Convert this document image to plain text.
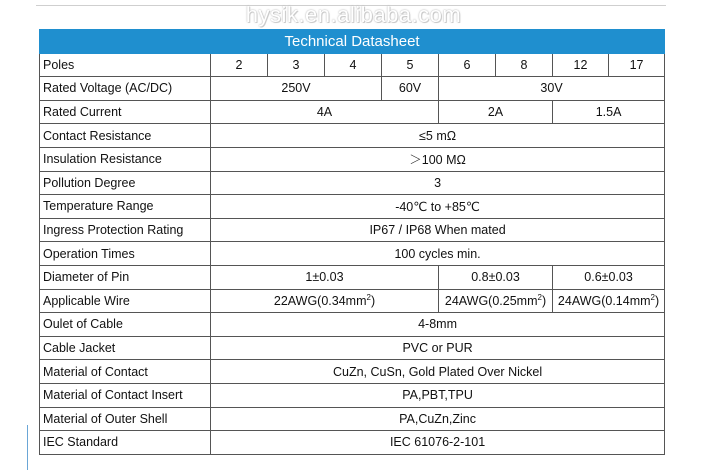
hysik.en.alibaba.com
Technical Datasheet								
Poles	2	3	4	5	6	8	12	17
Rated Voltage (AC/DC)	250V			60V	30V			
Rated Current	4A				2A		1.5A	
Contact Resistance	≤5 mΩ							
Insulation Resistance	＞100 MΩ							
Pollution Degree	3							
Temperature Range	-40℃ to +85℃							
Ingress Protection Rating	IP67 / IP68 When mated							
Operation Times	100 cycles min.							
Diameter of Pin	1±0.03				0.8±0.03		0.6±0.03	
Applicable Wire	$22AWG(0.34mm^2)$				$24AWG(0.25mm^2)$		$24AWG(0.14mm^2)$	
Oulet of Cable	4-8mm							
Cable Jacket	PVC or PUR							
Material of Contact	CuZn, CuSn, Gold Plated Over Nickel							
Material of Contact Insert	PA,PBT,TPU							
Material of Outer Shell	PA,CuZn,Zinc							
IEC Standard	IEC 61076-2-101							
